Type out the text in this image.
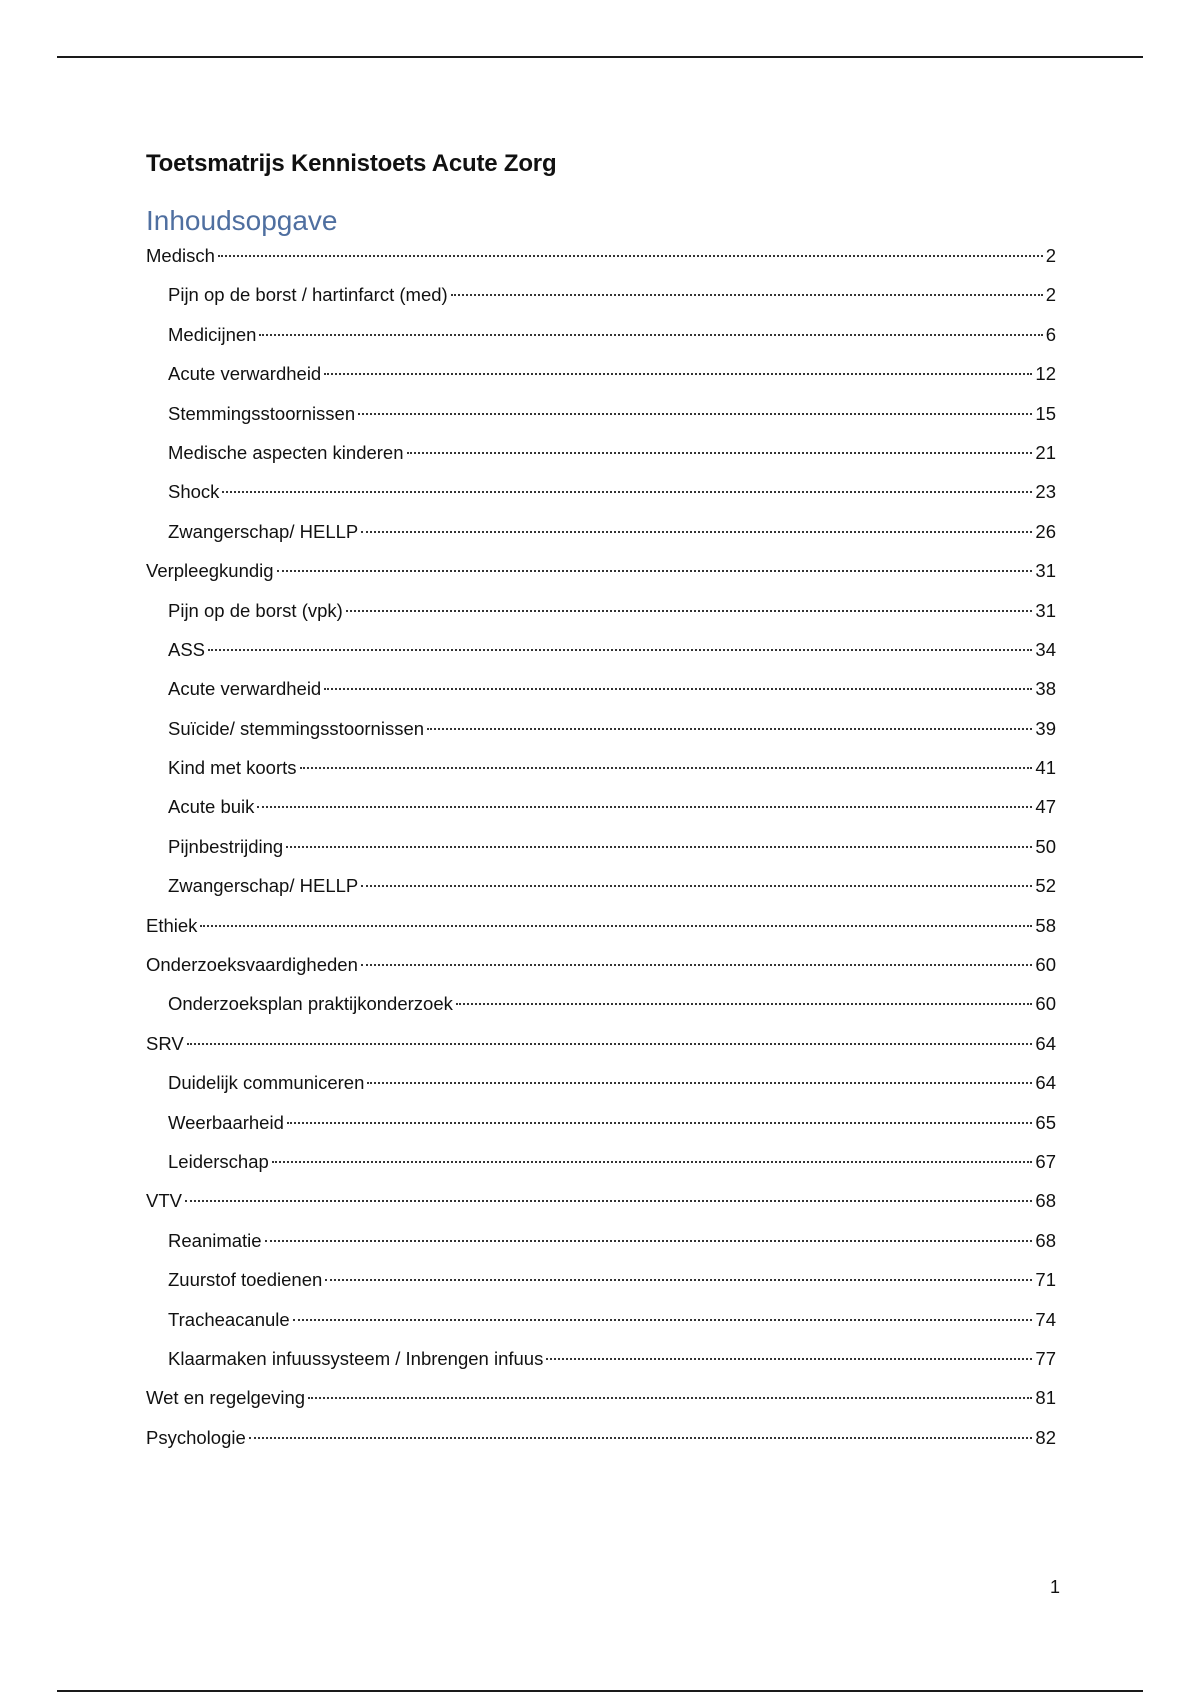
Toetsmatrijs Kennistoets Acute Zorg
Inhoudsopgave
Medisch	2
Pijn op de borst / hartinfarct (med)	2
Medicijnen	6
Acute verwardheid	12
Stemmingsstoornissen	15
Medische aspecten kinderen	21
Shock	23
Zwangerschap/ HELLP	26
Verpleegkundig	31
Pijn op de borst (vpk)	31
ASS	34
Acute verwardheid	38
Suïcide/ stemmingsstoornissen	39
Kind met koorts	41
Acute buik	47
Pijnbestrijding	50
Zwangerschap/ HELLP	52
Ethiek	58
Onderzoeksvaardigheden	60
Onderzoeksplan praktijkonderzoek	60
SRV	64
Duidelijk communiceren	64
Weerbaarheid	65
Leiderschap	67
VTV	68
Reanimatie	68
Zuurstof toedienen	71
Tracheacanule	74
Klaarmaken infuussysteem / Inbrengen infuus	77
Wet en regelgeving	81
Psychologie	82
1
